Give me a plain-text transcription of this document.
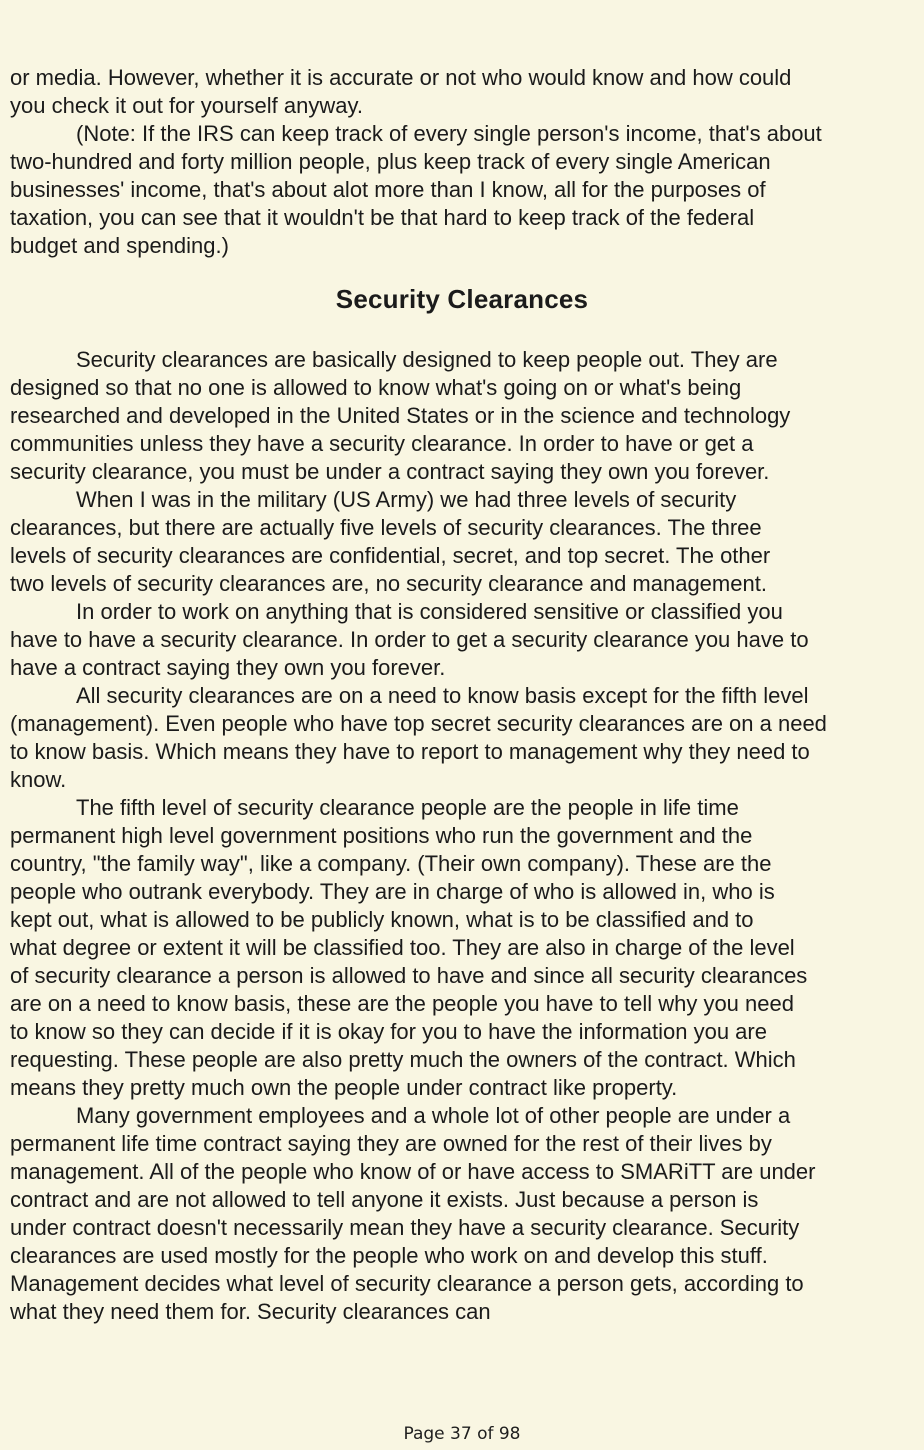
or media. However, whether it is accurate or not who would know and how could
you check it out for yourself anyway.
(Note: If the IRS can keep track of every single person's income, that's about
two-hundred and forty million people, plus keep track of every single American
businesses' income, that's about alot more than I know, all for the purposes of
taxation, you can see that it wouldn't be that hard to keep track of the federal
budget and spending.)
Security Clearances
Security clearances are basically designed to keep people out. They are
designed so that no one is allowed to know what's going on or what's being
researched and developed in the United States or in the science and technology
communities unless they have a security clearance. In order to have or get a
security clearance, you must be under a contract saying they own you forever.
When I was in the military (US Army) we had three levels of security
clearances, but there are actually five levels of security clearances. The three
levels of security clearances are confidential, secret, and top secret. The other
two levels of security clearances are, no security clearance and management.
In order to work on anything that is considered sensitive or classified you
have to have a security clearance. In order to get a security clearance you have to
have a contract saying they own you forever.
All security clearances are on a need to know basis except for the fifth level
(management). Even people who have top secret security clearances are on a need
to know basis. Which means they have to report to management why they need to
know.
The fifth level of security clearance people are the people in life time
permanent high level government positions who run the government and the
country, "the family way", like a company. (Their own company). These are the
people who outrank everybody. They are in charge of who is allowed in, who is
kept out, what is allowed to be publicly known, what is to be classified and to
what degree or extent it will be classified too. They are also in charge of the level
of security clearance a person is allowed to have and since all security clearances
are on a need to know basis, these are the people you have to tell why you need
to know so they can decide if it is okay for you to have the information you are
requesting. These people are also pretty much the owners of the contract. Which
means they pretty much own the people under contract like property.
Many government employees and a whole lot of other people are under a
permanent life time contract saying they are owned for the rest of their lives by
management. All of the people who know of or have access to SMARiTT are under
contract and are not allowed to tell anyone it exists. Just because a person is
under contract doesn't necessarily mean they have a security clearance. Security
clearances are used mostly for the people who work on and develop this stuff.
Management decides what level of security clearance a person gets, according to
what they need them for. Security clearances can
Page 37 of 98
